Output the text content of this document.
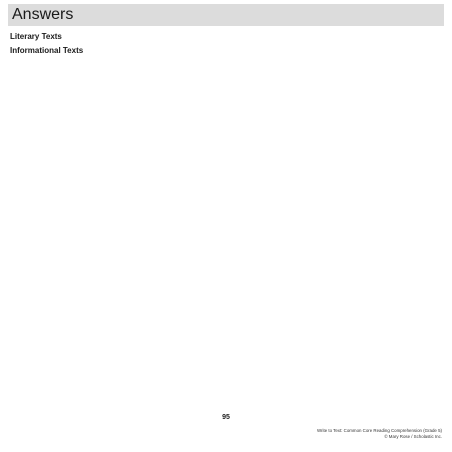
Answers
Literary Texts
Informational Texts
95
Write to Text: Common Core Reading Comprehension (Grade 5)
© Mary Rose / Scholastic Inc.
